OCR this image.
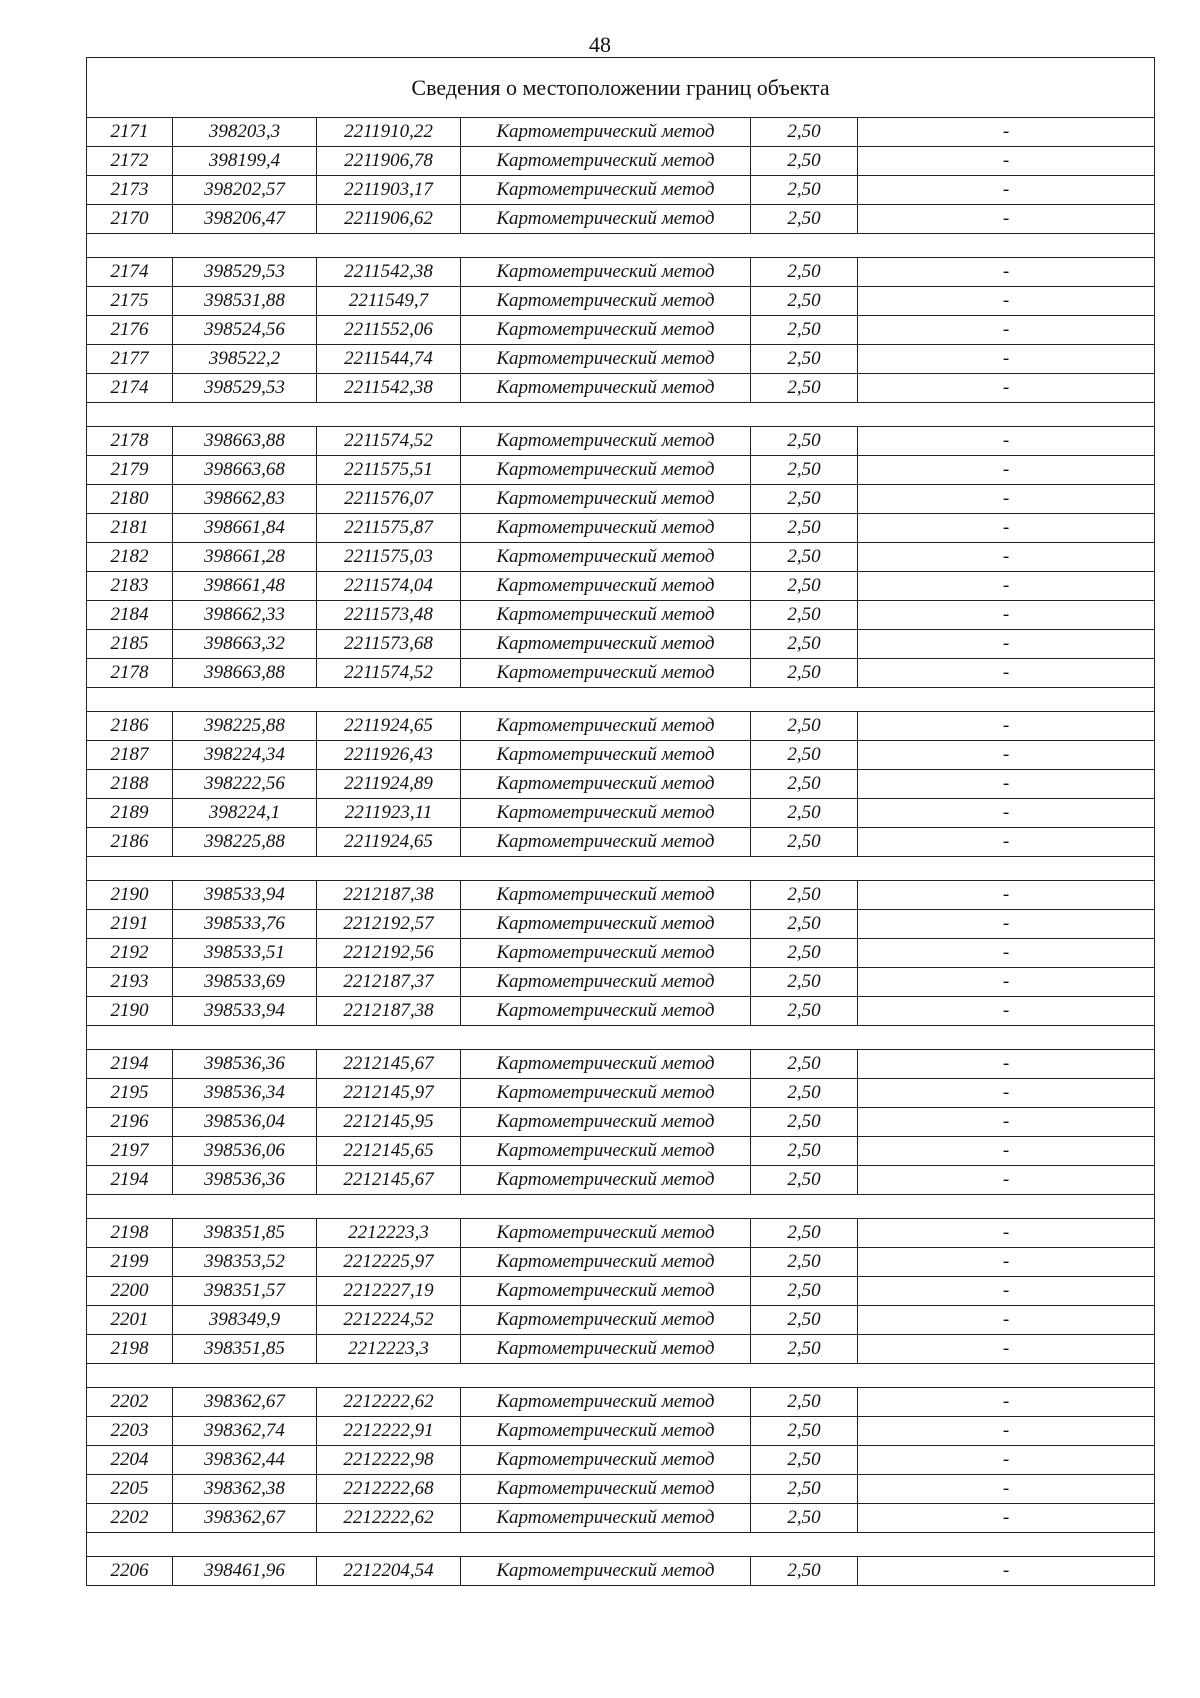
48
Сведения о местоположении границ объекта					
2171	398203,3	2211910,22	Картометрический метод	2,50	-
2172	398199,4	2211906,78	Картометрический метод	2,50	-
2173	398202,57	2211903,17	Картометрический метод	2,50	-
2170	398206,47	2211906,62	Картометрический метод	2,50	-

2174	398529,53	2211542,38	Картометрический метод	2,50	-
2175	398531,88	2211549,7	Картометрический метод	2,50	-
2176	398524,56	2211552,06	Картометрический метод	2,50	-
2177	398522,2	2211544,74	Картометрический метод	2,50	-
2174	398529,53	2211542,38	Картометрический метод	2,50	-

2178	398663,88	2211574,52	Картометрический метод	2,50	-
2179	398663,68	2211575,51	Картометрический метод	2,50	-
2180	398662,83	2211576,07	Картометрический метод	2,50	-
2181	398661,84	2211575,87	Картометрический метод	2,50	-
2182	398661,28	2211575,03	Картометрический метод	2,50	-
2183	398661,48	2211574,04	Картометрический метод	2,50	-
2184	398662,33	2211573,48	Картометрический метод	2,50	-
2185	398663,32	2211573,68	Картометрический метод	2,50	-
2178	398663,88	2211574,52	Картометрический метод	2,50	-

2186	398225,88	2211924,65	Картометрический метод	2,50	-
2187	398224,34	2211926,43	Картометрический метод	2,50	-
2188	398222,56	2211924,89	Картометрический метод	2,50	-
2189	398224,1	2211923,11	Картометрический метод	2,50	-
2186	398225,88	2211924,65	Картометрический метод	2,50	-

2190	398533,94	2212187,38	Картометрический метод	2,50	-
2191	398533,76	2212192,57	Картометрический метод	2,50	-
2192	398533,51	2212192,56	Картометрический метод	2,50	-
2193	398533,69	2212187,37	Картометрический метод	2,50	-
2190	398533,94	2212187,38	Картометрический метод	2,50	-

2194	398536,36	2212145,67	Картометрический метод	2,50	-
2195	398536,34	2212145,97	Картометрический метод	2,50	-
2196	398536,04	2212145,95	Картометрический метод	2,50	-
2197	398536,06	2212145,65	Картометрический метод	2,50	-
2194	398536,36	2212145,67	Картометрический метод	2,50	-

2198	398351,85	2212223,3	Картометрический метод	2,50	-
2199	398353,52	2212225,97	Картометрический метод	2,50	-
2200	398351,57	2212227,19	Картометрический метод	2,50	-
2201	398349,9	2212224,52	Картометрический метод	2,50	-
2198	398351,85	2212223,3	Картометрический метод	2,50	-

2202	398362,67	2212222,62	Картометрический метод	2,50	-
2203	398362,74	2212222,91	Картометрический метод	2,50	-
2204	398362,44	2212222,98	Картометрический метод	2,50	-
2205	398362,38	2212222,68	Картометрический метод	2,50	-
2202	398362,67	2212222,62	Картометрический метод	2,50	-

2206	398461,96	2212204,54	Картометрический метод	2,50	-
